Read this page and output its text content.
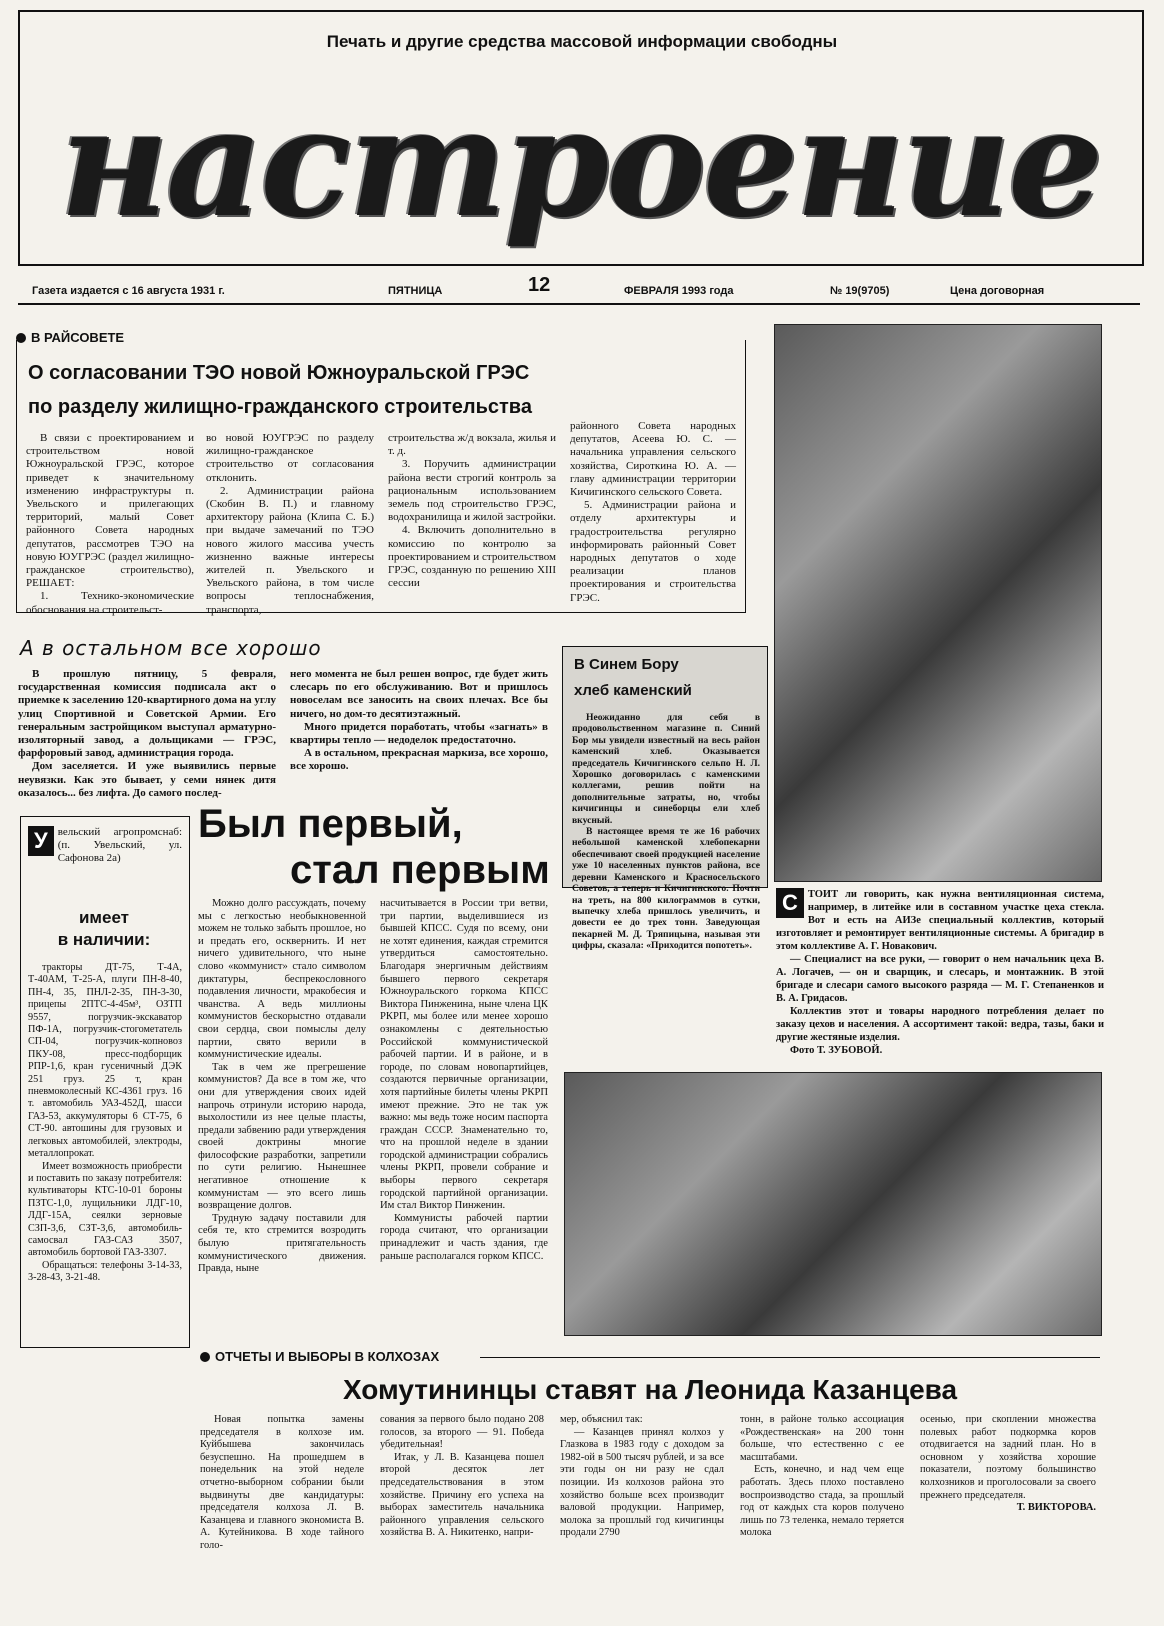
Печать и другие средства массовой информации свободны
настроение
Газета издается с 16 августа 1931 г.	ПЯТНИЦА	12	ФЕВРАЛЯ 1993 года	№ 19(9705)	Цена договорная
В РАЙСОВЕТЕ
О согласовании ТЭО новой Южноуральской ГРЭС
по разделу жилищно-гражданского строительства

В связи с проектированием и строительством новой Южноуральской ГРЭС, которое приведет к значительному изменению инфраструктуры п. Увельского и прилегающих территорий, малый Совет районного Совета народных депутатов, рассмотрев ТЭО на новую ЮУГРЭС (раздел жилищно-гражданское строительство), РЕШАЕТ:

1. Технико-экономические обоснования на строительст-

во новой ЮУГРЭС по разделу жилищно-гражданское строительство от согласования отклонить.

2. Администрации района (Скобин В. П.) и главному архитектору района (Клипа С. Б.) при выдаче замечаний по ТЭО нового жилого массива учесть жизненно важные интересы жителей п. Увельского и Увельского района, в том числе вопросы теплоснабжения, транспорта,

строительства ж/д вокзала, жилья и т. д.

3. Поручить администрации района вести строгий контроль за рациональным использованием земель под строительство ГРЭС, водохранилища и жилой застройки.

4. Включить дополнительно в комиссию по контролю за проектированием и строительством ГРЭС, созданную по решению XIII сессии

районного Совета народных депутатов, Асеева Ю. С. — начальника управления сельского хозяйства, Сироткина Ю. А. — главу администрации территории Кичигинского сельского Совета.

5. Администрации района и отделу архитектуры и градостроительства регулярно информировать районный Совет народных депутатов о ходе реализации планов проектирования и строительства ГРЭС.

А в остальном все хорошо

В прошлую пятницу, 5 февраля, государственная комиссия подписала акт о приемке к заселению 120-квартирного дома на углу улиц Спортивной и Советской Армии. Его генеральным застройщиком выступал арматурно-изоляторный завод, а дольщиками — ГРЭС, фарфоровый завод, администрация города.

Дом заселяется. И уже выявились первые неувязки. Как это бывает, у семи нянек дитя оказалось... без лифта. До самого послед-

него момента не был решен вопрос, где будет жить слесарь по его обслуживанию. Вот и пришлось новоселам все заносить на своих плечах. Все бы ничего, но дом-то десятиэтажный.

Много придется поработать, чтобы «загнать» в квартиры тепло — недоделок предостаточно.

А в остальном, прекрасная маркиза, все хорошо, все хорошо.

В Синем Бору
хлеб каменский

Неожиданно для себя в продовольственном магазине п. Синий Бор мы увидели известный на весь район каменский хлеб. Оказывается председатель Кичигинского сельпо Н. Л. Хорошко договорилась с каменскими коллегами, решив пойти на дополнительные затраты, но, чтобы кичигинцы и синеборцы ели хлеб вкусный.

В настоящее время те же 16 рабочих небольшой каменской хлебопекарни обеспечивают своей продукцией население уже 10 населенных пунктов района, все деревни Каменского и Красносельского Советов, а теперь и Кичигинского. Почти на треть, на 800 килограммов в сутки, выпечку хлеба пришлось увеличить, и довести ее до трех тонн. Заведующая пекарней М. Д. Тряпицына, называя эти цифры, сказала: «Приходится попотеть».

С ТОИТ ли говорить, как нужна вентиляционная система, например, в литейке или в составном участке цеха стекла. Вот и есть на АИЗе специальный коллектив, который изготовляет и ремонтирует вентиляционные системы. А бригадир в этом коллективе А. Г. Новакович.

— Специалист на все руки, — говорит о нем начальник цеха В. А. Логачев, — он и сварщик, и слесарь, и монтажник. В этой бригаде и слесари самого высокого разряда — М. Г. Степаненков и В. А. Гридасов.

Коллектив этот и товары народного потребления делает по заказу цехов и населения. А ассортимент такой: ведра, тазы, баки и другие жестяные изделия.

Фото Т. ЗУБОВОЙ.

У вельский агропромснаб: (п. Увельский, ул. Сафонова 2а)
имеет
в наличии:

тракторы ДТ-75, Т-4А, Т-40АМ, Т-25-А, плуги ПН-8-40, ПН-4, 35, ПНЛ-2-35, ПН-3-30, прицепы 2ПТС-4-45м³, ОЗТП 9557, погрузчик-экскаватор ПФ-1А, погрузчик-стогометатель СП-04, погрузчик-копновоз ПКУ-08, пресс-подборщик РПР-1,6, кран гусеничный ДЭК 251 груз. 25 т, кран пневмоколесный КС-4361 груз. 16 т. автомобиль УАЗ-452Д, шасси ГАЗ-53, аккумуляторы 6 СТ-75, 6 СТ-90. автошины для грузовых и легковых автомобилей, электроды, металлопрокат.

Имеет возможность приобрести и поставить по заказу потребителя: культиваторы КТС-10-01 бороны ПЗТС-1,0, лущильники ЛДГ-10, ЛДГ-15А, сеялки зерновые СЗП-3,6, СЗТ-3,6, автомобиль-самосвал ГАЗ-САЗ 3507, автомобиль бортовой ГАЗ-3307.

Обращаться: телефоны 3-14-33, 3-28-43, 3-21-48.

Был первый,
стал первым

Можно долго рассуждать, почему мы с легкостью необыкновенной можем не только забыть прошлое, но и предать его, осквернить. И нет ничего удивительного, что ныне слово «коммунист» стало символом диктатуры, беспрекословного подавления личности, мракобесия и чванства. А ведь миллионы коммунистов бескорыстно отдавали свои сердца, свои помыслы делу партии, свято верили в коммунистические идеалы.

Так в чем же прегрешение коммунистов? Да все в том же, что они для утверждения своих идей напрочь отринули историю народа, выхолостили из нее целые пласты, предали забвению ради утверждения своей доктрины многие философские разработки, запретили по сути религию. Нынешнее негативное отношение к коммунистам — это всего лишь возвращение долгов.

Трудную задачу поставили для себя те, кто стремится возродить былую притягательность коммунистического движения. Правда, ныне

насчитывается в России три ветви, три партии, выделившиеся из бывшей КПСС. Судя по всему, они не хотят единения, каждая стремится утвердиться самостоятельно. Благодаря энергичным действиям бывшего первого секретаря Южноуральского горкома КПСС Виктора Пинженина, ныне члена ЦК РКРП, мы более или менее хорошо ознакомлены с деятельностью Российской коммунистической рабочей партии. И в районе, и в городе, по словам новопартийцев, создаются первичные организации, хотя партийные билеты члены РКРП имеют прежние. Это не так уж важно: мы ведь тоже носим паспорта граждан СССР. Знаменательно то, что на прошлой неделе в здании городской администрации собрались члены РКРП, провели собрание и выборы первого секретаря городской партийной организации. Им стал Виктор Пинженин.

Коммунисты рабочей партии города считают, что организации принадлежит и часть здания, где раньше располагался горком КПСС.

ОТЧЕТЫ И ВЫБОРЫ В КОЛХОЗАХ
Хомутининцы ставят на Леонида Казанцева

Новая попытка замены председателя в колхозе им. Куйбышева закончилась безуспешно. На прошедшем в понедельник на этой неделе отчетно-выборном собрании были выдвинуты две кандидатуры: председателя колхоза Л. В. Казанцева и главного экономиста В. А. Кутейникова. В ходе тайного голо-

сования за первого было подано 208 голосов, за второго — 91. Победа убедительная!

Итак, у Л. В. Казанцева пошел второй десяток лет председательствования в этом хозяйстве. Причину его успеха на выборах заместитель начальника районного управления сельского хозяйства В. А. Никитенко, напри-

мер, объяснил так:

— Казанцев принял колхоз у Глазкова в 1983 году с доходом за 1982-ой в 500 тысяч рублей, и за все эти годы он ни разу не сдал позиции. Из колхозов района это хозяйство больше всех производит валовой продукции. Например, молока за прошлый год кичигинцы продали 2790

тонн, в районе только ассоциация «Рождественская» на 200 тонн больше, что естественно с ее масштабами.

Есть, конечно, и над чем еще работать. Здесь плохо поставлено воспроизводство стада, за прошлый год от каждых ста коров получено лишь по 73 теленка, немало теряется молока

осенью, при скоплении множества полевых работ подкормка коров отодвигается на задний план. Но в основном у хозяйства хорошие показатели, поэтому большинство колхозников и проголосовали за своего прежнего председателя.

Т. ВИКТОРОВА.
